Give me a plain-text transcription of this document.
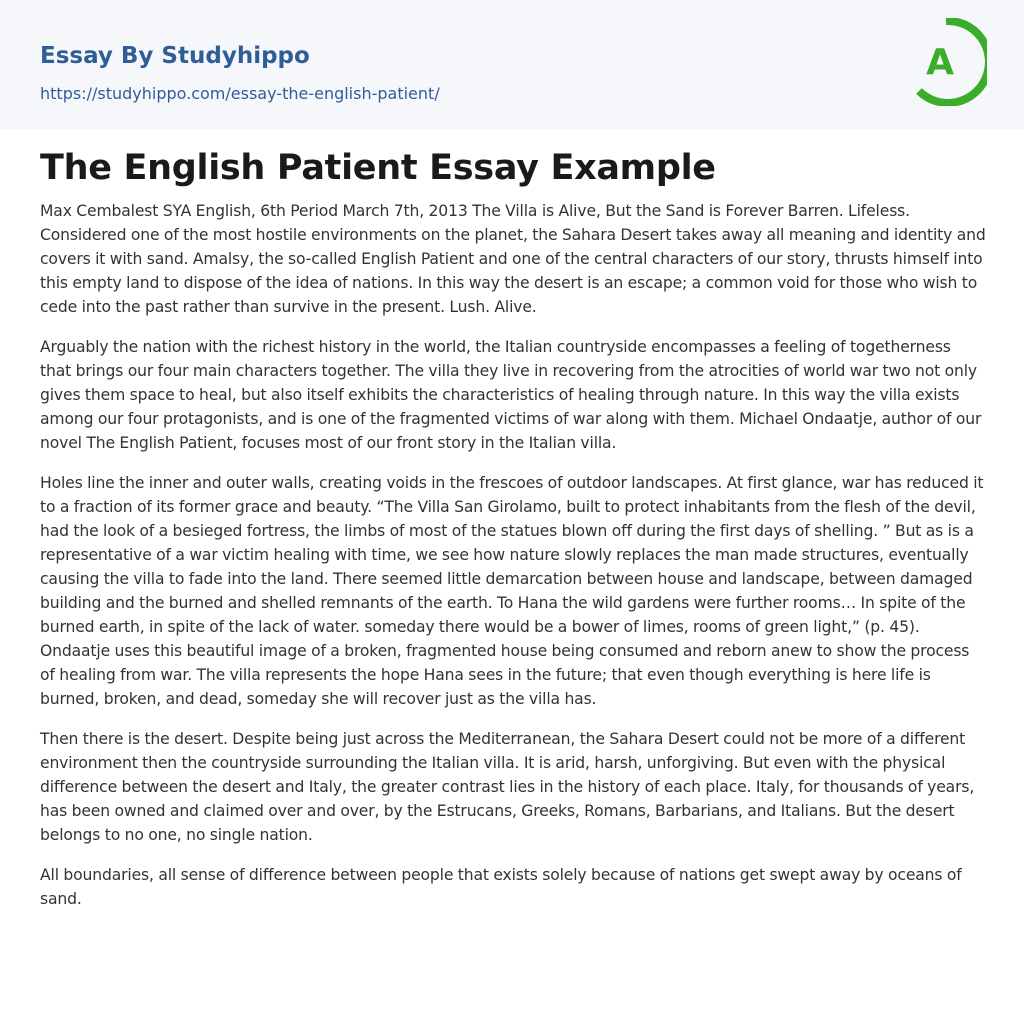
Essay By Studyhippo
https://studyhippo.com/essay-the-english-patient/
A
The English Patient Essay Example

Max Cembalest SYA English, 6th Period March 7th, 2013 The Villa is Alive, But the Sand is Forever Barren. Lifeless. Considered one of the most hostile environments on the planet, the Sahara Desert takes away all meaning and identity and covers it with sand. Amalsy, the so-called English Patient and one of the central characters of our story, thrusts himself into this empty land to dispose of the idea of nations. In this way the desert is an escape; a common void for those who wish to cede into the past rather than survive in the present. Lush. Alive.

Arguably the nation with the richest history in the world, the Italian countryside encompasses a feeling of togetherness that brings our four main characters together. The villa they live in recovering from the atrocities of world war two not only gives them space to heal, but also itself exhibits the characteristics of healing through nature. In this way the villa exists among our four protagonists, and is one of the fragmented victims of war along with them. Michael Ondaatje, author of our novel The English Patient, focuses most of our front story in the Italian villa.

Holes line the inner and outer walls, creating voids in the frescoes of outdoor landscapes. At first glance, war has reduced it to a fraction of its former grace and beauty. “The Villa San Girolamo, built to protect inhabitants from the flesh of the devil, had the look of a besieged fortress, the limbs of most of the statues blown off during the first days of shelling. ” But as is a representative of a war victim healing with time, we see how nature slowly replaces the man made structures, eventually causing the villa to fade into the land. There seemed little demarcation between house and landscape, between damaged building and the burned and shelled remnants of the earth. To Hana the wild gardens were further rooms… In spite of the burned earth, in spite of the lack of water. someday there would be a bower of limes, rooms of green light,” (p. 45). Ondaatje uses this beautiful image of a broken, fragmented house being consumed and reborn anew to show the process of healing from war. The villa represents the hope Hana sees in the future; that even though everything is here life is burned, broken, and dead, someday she will recover just as the villa has.

Then there is the desert. Despite being just across the Mediterranean, the Sahara Desert could not be more of a different environment then the countryside surrounding the Italian villa. It is arid, harsh, unforgiving. But even with the physical difference between the desert and Italy, the greater contrast lies in the history of each place. Italy, for thousands of years, has been owned and claimed over and over, by the Estrucans, Greeks, Romans, Barbarians, and Italians. But the desert belongs to no one, no single nation.

All boundaries, all sense of difference between people that exists solely because of nations get swept away by oceans of sand.
